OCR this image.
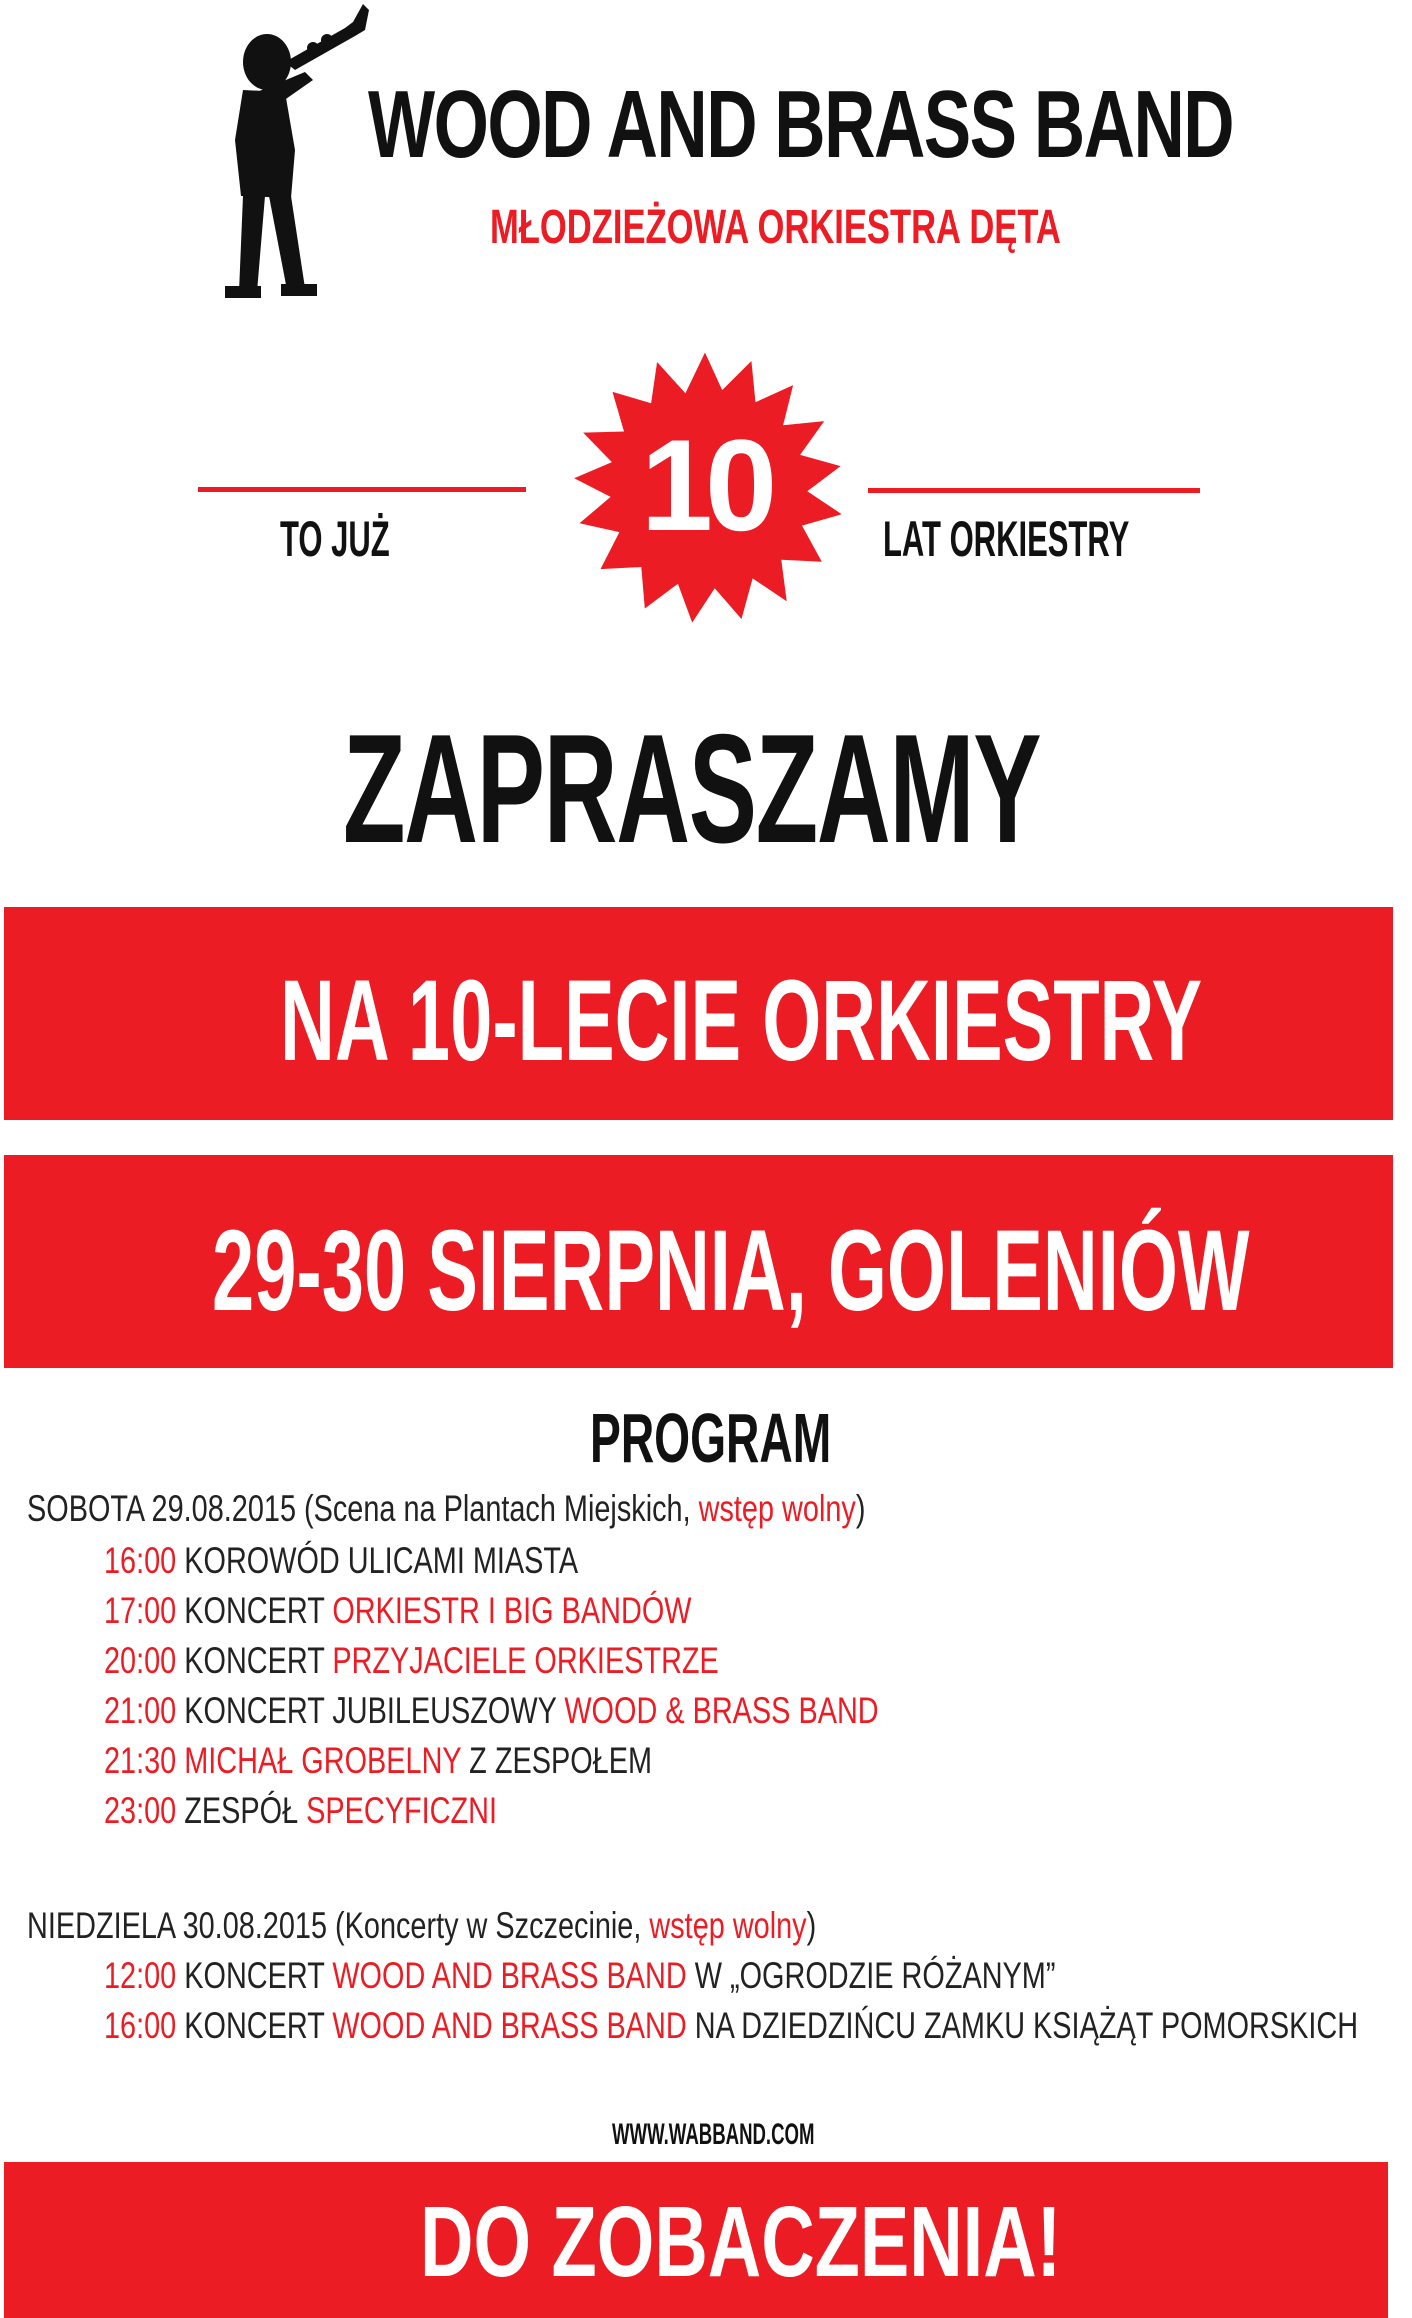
WOOD AND BRASS BAND
MŁODZIEŻOWA ORKIESTRA DĘTA
TO JUŻ	LAT ORKIESTRY
10
ZAPRASZAMY
NA 10-LECIE ORKIESTRY
29-30 SIERPNIA, GOLENIÓW
PROGRAM
SOBOTA 29.08.2015 (Scena na Plantach Miejskich, wstęp wolny)
16:00 KOROWÓD ULICAMI MIASTA
17:00 KONCERT ORKIESTR I BIG BANDÓW
20:00 KONCERT PRZYJACIELE ORKIESTRZE
21:00 KONCERT JUBILEUSZOWY WOOD & BRASS BAND
21:30 MICHAŁ GROBELNY Z ZESPOŁEM
23:00 ZESPÓŁ SPECYFICZNI
NIEDZIELA 30.08.2015 (Koncerty w Szczecinie, wstęp wolny)
12:00 KONCERT WOOD AND BRASS BAND W „OGRODZIE RÓŻANYM”
16:00 KONCERT WOOD AND BRASS BAND NA DZIEDZIŃCU ZAMKU KSIĄŻĄT POMORSKICH
WWW.WABBAND.COM
DO ZOBACZENIA!
